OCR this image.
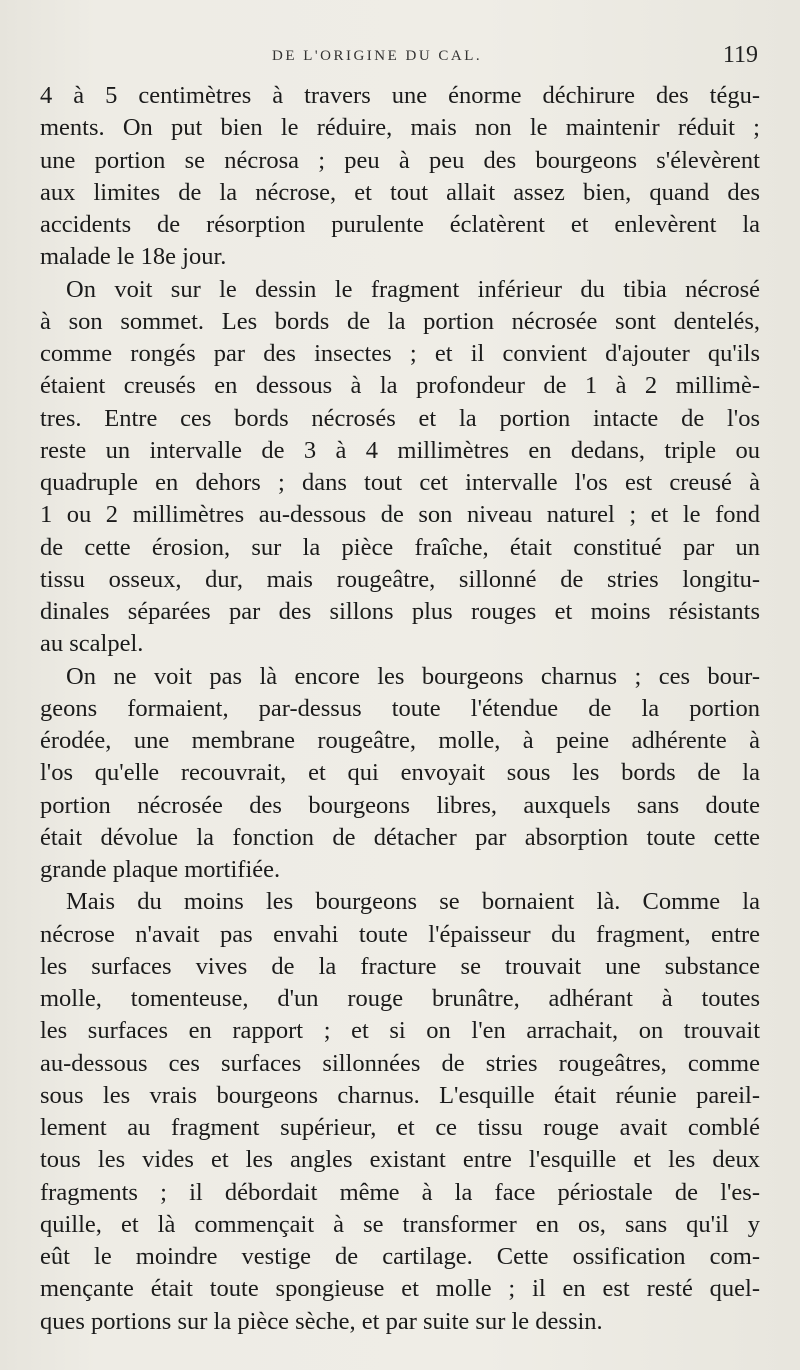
DE L'ORIGINE DU CAL.	119
4 à 5 centimètres à travers une énorme déchirure des tégu-
ments. On put bien le réduire, mais non le maintenir réduit ;
une portion se nécrosa ; peu à peu des bourgeons s'élevèrent
aux limites de la nécrose, et tout allait assez bien, quand des
accidents de résorption purulente éclatèrent et enlevèrent la
malade le 18e jour.
On voit sur le dessin le fragment inférieur du tibia nécrosé
à son sommet. Les bords de la portion nécrosée sont dentelés,
comme rongés par des insectes ; et il convient d'ajouter qu'ils
étaient creusés en dessous à la profondeur de 1 à 2 millimè-
tres. Entre ces bords nécrosés et la portion intacte de l'os
reste un intervalle de 3 à 4 millimètres en dedans, triple ou
quadruple en dehors ; dans tout cet intervalle l'os est creusé à
1 ou 2 millimètres au-dessous de son niveau naturel ; et le fond
de cette érosion, sur la pièce fraîche, était constitué par un
tissu osseux, dur, mais rougeâtre, sillonné de stries longitu-
dinales séparées par des sillons plus rouges et moins résistants
au scalpel.
On ne voit pas là encore les bourgeons charnus ; ces bour-
geons formaient, par-dessus toute l'étendue de la portion
érodée, une membrane rougeâtre, molle, à peine adhérente à
l'os qu'elle recouvrait, et qui envoyait sous les bords de la
portion nécrosée des bourgeons libres, auxquels sans doute
était dévolue la fonction de détacher par absorption toute cette
grande plaque mortifiée.
Mais du moins les bourgeons se bornaient là. Comme la
nécrose n'avait pas envahi toute l'épaisseur du fragment, entre
les surfaces vives de la fracture se trouvait une substance
molle, tomenteuse, d'un rouge brunâtre, adhérant à toutes
les surfaces en rapport ; et si on l'en arrachait, on trouvait
au-dessous ces surfaces sillonnées de stries rougeâtres, comme
sous les vrais bourgeons charnus. L'esquille était réunie pareil-
lement au fragment supérieur, et ce tissu rouge avait comblé
tous les vides et les angles existant entre l'esquille et les deux
fragments ; il débordait même à la face périostale de l'es-
quille, et là commençait à se transformer en os, sans qu'il y
eût le moindre vestige de cartilage. Cette ossification com-
mençante était toute spongieuse et molle ; il en est resté quel-
ques portions sur la pièce sèche, et par suite sur le dessin.
